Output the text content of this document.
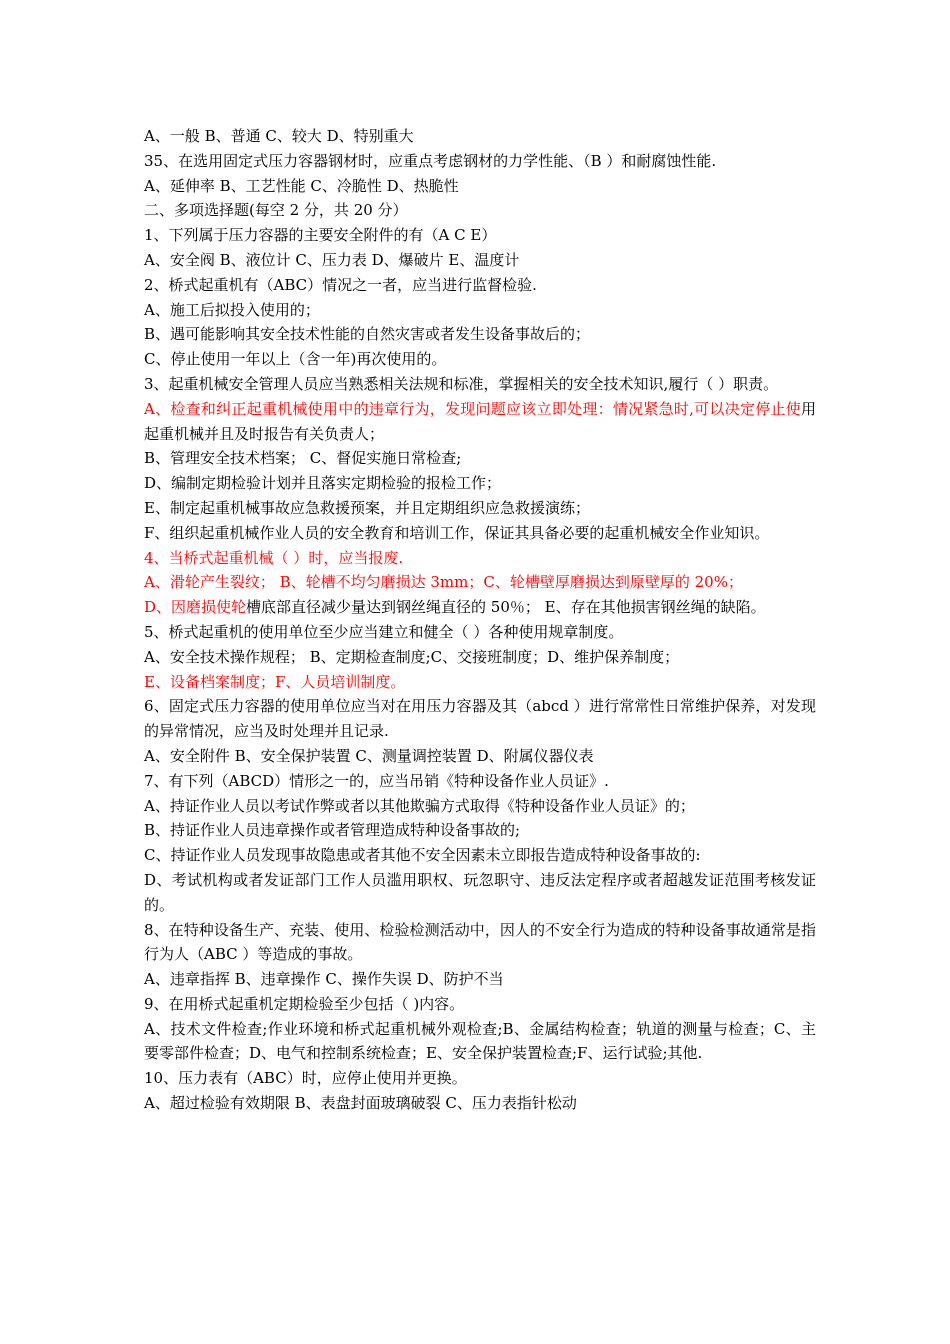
A、一般 B、普通 C、较大 D、特别重大
35、在选用固定式压力容器钢材时，应重点考虑钢材的力学性能、（B ）和耐腐蚀性能.
A、延伸率 B、工艺性能 C、冷脆性 D、热脆性
二、多项选择题(每空 2 分，共 20 分）
1、下列属于压力容器的主要安全附件的有（A C E）
A、安全阀 B、液位计 C、压力表 D、爆破片 E、温度计
2、桥式起重机有（ABC）情况之一者，应当进行监督检验.
A、施工后拟投入使用的；
B、遇可能影响其安全技术性能的自然灾害或者发生设备事故后的；
C、停止使用一年以上（含一年)再次使用的。
3、起重机械安全管理人员应当熟悉相关法规和标准，掌握相关的安全技术知识,履行（ ）职责。
A、检查和纠正起重机械使用中的违章行为，发现问题应该立即处理：情况紧急时,可以决定停止使用起重机械并且及时报告有关负责人；
B、管理安全技术档案； C、督促实施日常检查;
D、编制定期检验计划并且落实定期检验的报检工作；
E、制定起重机械事故应急救援预案，并且定期组织应急救援演练；
F、组织起重机械作业人员的安全教育和培训工作，保证其具备必要的起重机械安全作业知识。
4、当桥式起重机械（ ）时，应当报废.
A、滑轮产生裂纹； B、轮槽不均匀磨损达 3mm；C、轮槽壁厚磨损达到原壁厚的 20%；
D、因磨损使轮槽底部直径减少量达到钢丝绳直径的 50％； E、存在其他损害钢丝绳的缺陷。
5、桥式起重机的使用单位至少应当建立和健全（ ）各种使用规章制度。
A、安全技术操作规程； B、定期检查制度;C、交接班制度；D、维护保养制度；
E、设备档案制度；F、人员培训制度。
6、固定式压力容器的使用单位应当对在用压力容器及其（abcd ）进行常常性日常维护保养，对发现的异常情况，应当及时处理并且记录.
A、安全附件 B、安全保护装置 C、测量调控装置 D、附属仪器仪表
7、有下列（ABCD）情形之一的，应当吊销《特种设备作业人员证》.
A、持证作业人员以考试作弊或者以其他欺骗方式取得《特种设备作业人员证》的；
B、持证作业人员违章操作或者管理造成特种设备事故的;
C、持证作业人员发现事故隐患或者其他不安全因素未立即报告造成特种设备事故的:
D、考试机构或者发证部门工作人员滥用职权、玩忽职守、违反法定程序或者超越发证范围考核发证的。
8、在特种设备生产、充装、使用、检验检测活动中，因人的不安全行为造成的特种设备事故通常是指行为人（ABC ）等造成的事故。
A、违章指挥 B、违章操作 C、操作失误 D、防护不当
9、在用桥式起重机定期检验至少包括（ )内容。
A、技术文件检查;作业环境和桥式起重机械外观检查;B、金属结构检查；轨道的测量与检查；C、主要零部件检查；D、电气和控制系统检查；E、安全保护装置检查;F、运行试验;其他.
10、压力表有（ABC）时，应停止使用并更换。
A、超过检验有效期限 B、表盘封面玻璃破裂 C、压力表指针松动
